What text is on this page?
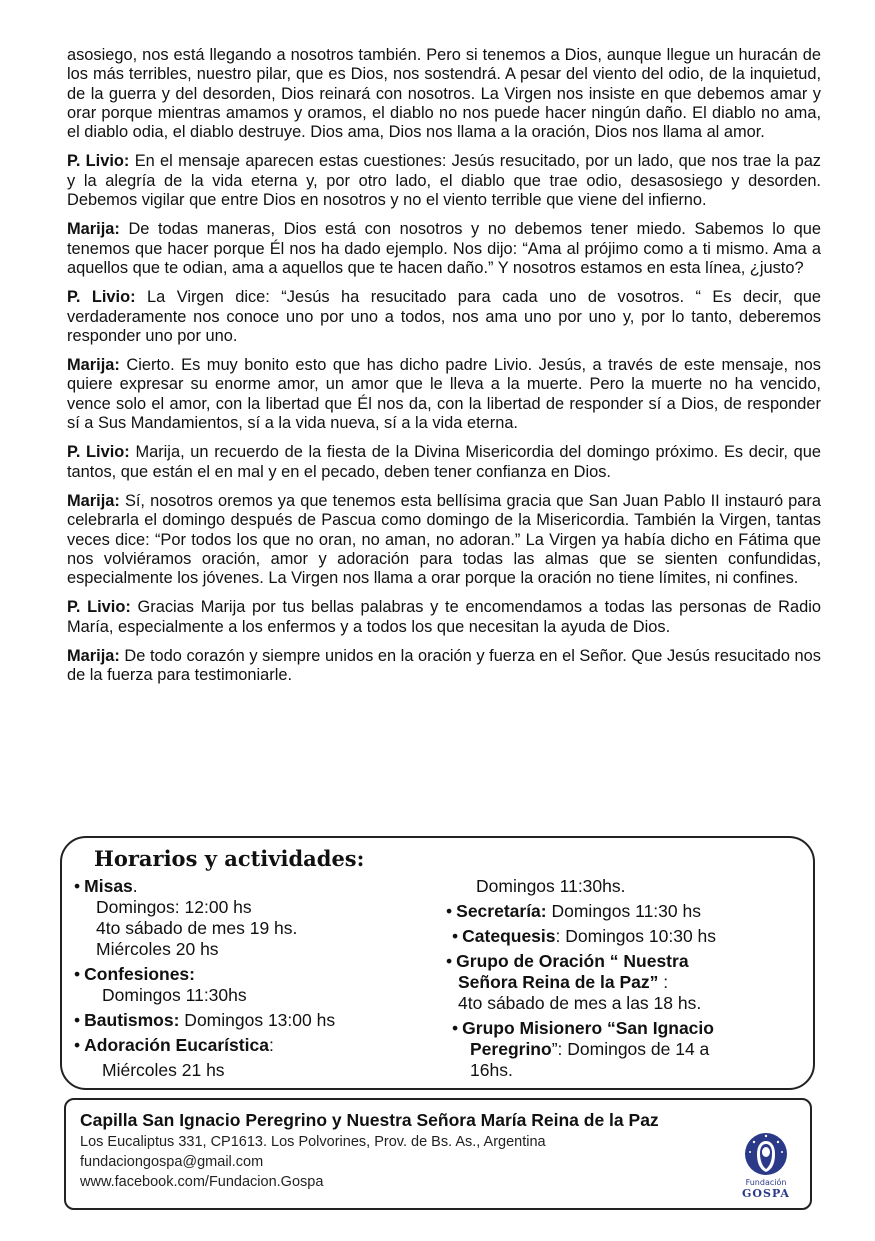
asosiego, nos está llegando a nosotros también. Pero si tenemos a Dios, aunque llegue un huracán de los más terribles, nuestro pilar, que es Dios, nos sostendrá. A pesar del viento del odio, de la inquietud, de la guerra y del desorden, Dios reinará con nosotros. La Virgen nos insiste en que debemos amar y orar porque mientras amamos y oramos, el diablo no nos puede hacer ningún daño. El diablo no ama, el diablo odia, el diablo destruye. Dios ama, Dios nos llama a la oración, Dios nos llama al amor.

P. Livio: En el mensaje aparecen estas cuestiones: Jesús resucitado, por un lado, que nos trae la paz y la alegría de la vida eterna y, por otro lado, el diablo que trae odio, desasosiego y desorden. Debemos vigilar que entre Dios en nosotros y no el viento terrible que viene del infierno.

Marija: De todas maneras, Dios está con nosotros y no debemos tener miedo. Sabemos lo que tenemos que hacer porque Él nos ha dado ejemplo. Nos dijo: “Ama al prójimo como a ti mismo. Ama a aquellos que te odian, ama a aquellos que te hacen daño.” Y nosotros estamos en esta línea, ¿justo?

P. Livio: La Virgen dice: “Jesús ha resucitado para cada uno de vosotros. “ Es decir, que verdaderamente nos conoce uno por uno a todos, nos ama uno por uno y, por lo tanto, deberemos responder uno por uno.

Marija: Cierto. Es muy bonito esto que has dicho padre Livio. Jesús, a través de este mensaje, nos quiere expresar su enorme amor, un amor que le lleva a la muerte. Pero la muerte no ha vencido, vence solo el amor, con la libertad que Él nos da, con la libertad de responder sí a Dios, de responder sí a Sus Mandamientos, sí a la vida nueva, sí a la vida eterna.

P. Livio: Marija, un recuerdo de la fiesta de la Divina Misericordia del domingo próximo. Es decir, que tantos, que están el en mal y en el pecado, deben tener confianza en Dios.

Marija: Sí, nosotros oremos ya que tenemos esta bellísima gracia que San Juan Pablo II instauró para celebrarla el domingo después de Pascua como domingo de la Misericordia. También la Virgen, tantas veces dice: “Por todos los que no oran, no aman, no adoran.” La Virgen ya había dicho en Fátima que nos volviéramos oración, amor y adoración para todas las almas que se sienten confundidas, especialmente los jóvenes. La Virgen nos llama a orar porque la oración no tiene límites, ni confines.

P. Livio: Gracias Marija por tus bellas palabras y te encomendamos a todas las personas de Radio María, especialmente a los enfermos y a todos los que necesitan la ayuda de Dios.

Marija: De todo corazón y siempre unidos en la oración y fuerza en el Señor. Que Jesús resucitado nos de la fuerza para testimoniarle.

Horarios y actividades:
• Misas.
Domingos: 12:00 hs
4to sábado de mes 19 hs.
Miércoles 20 hs
• Confesiones:
Domingos 11:30hs
• Bautismos: Domingos 13:00 hs
• Adoración Eucarística:
Miércoles 21 hs
Domingos 11:30hs.
• Secretaría: Domingos 11:30 hs
• Catequesis: Domingos 10:30 hs
• Grupo de Oración “ Nuestra
Señora Reina de la Paz” :
4to sábado de mes a las 18 hs.
• Grupo Misionero “San Ignacio
Peregrino”: Domingos de 14 a
16hs.
Capilla San Ignacio Peregrino y Nuestra Señora María Reina de la Paz
Los Eucaliptus 331, CP1613. Los Polvorines, Prov. de Bs. As., Argentina
fundaciongospa@gmail.com
www.facebook.com/Fundacion.Gospa	Fundación
GOSPA
